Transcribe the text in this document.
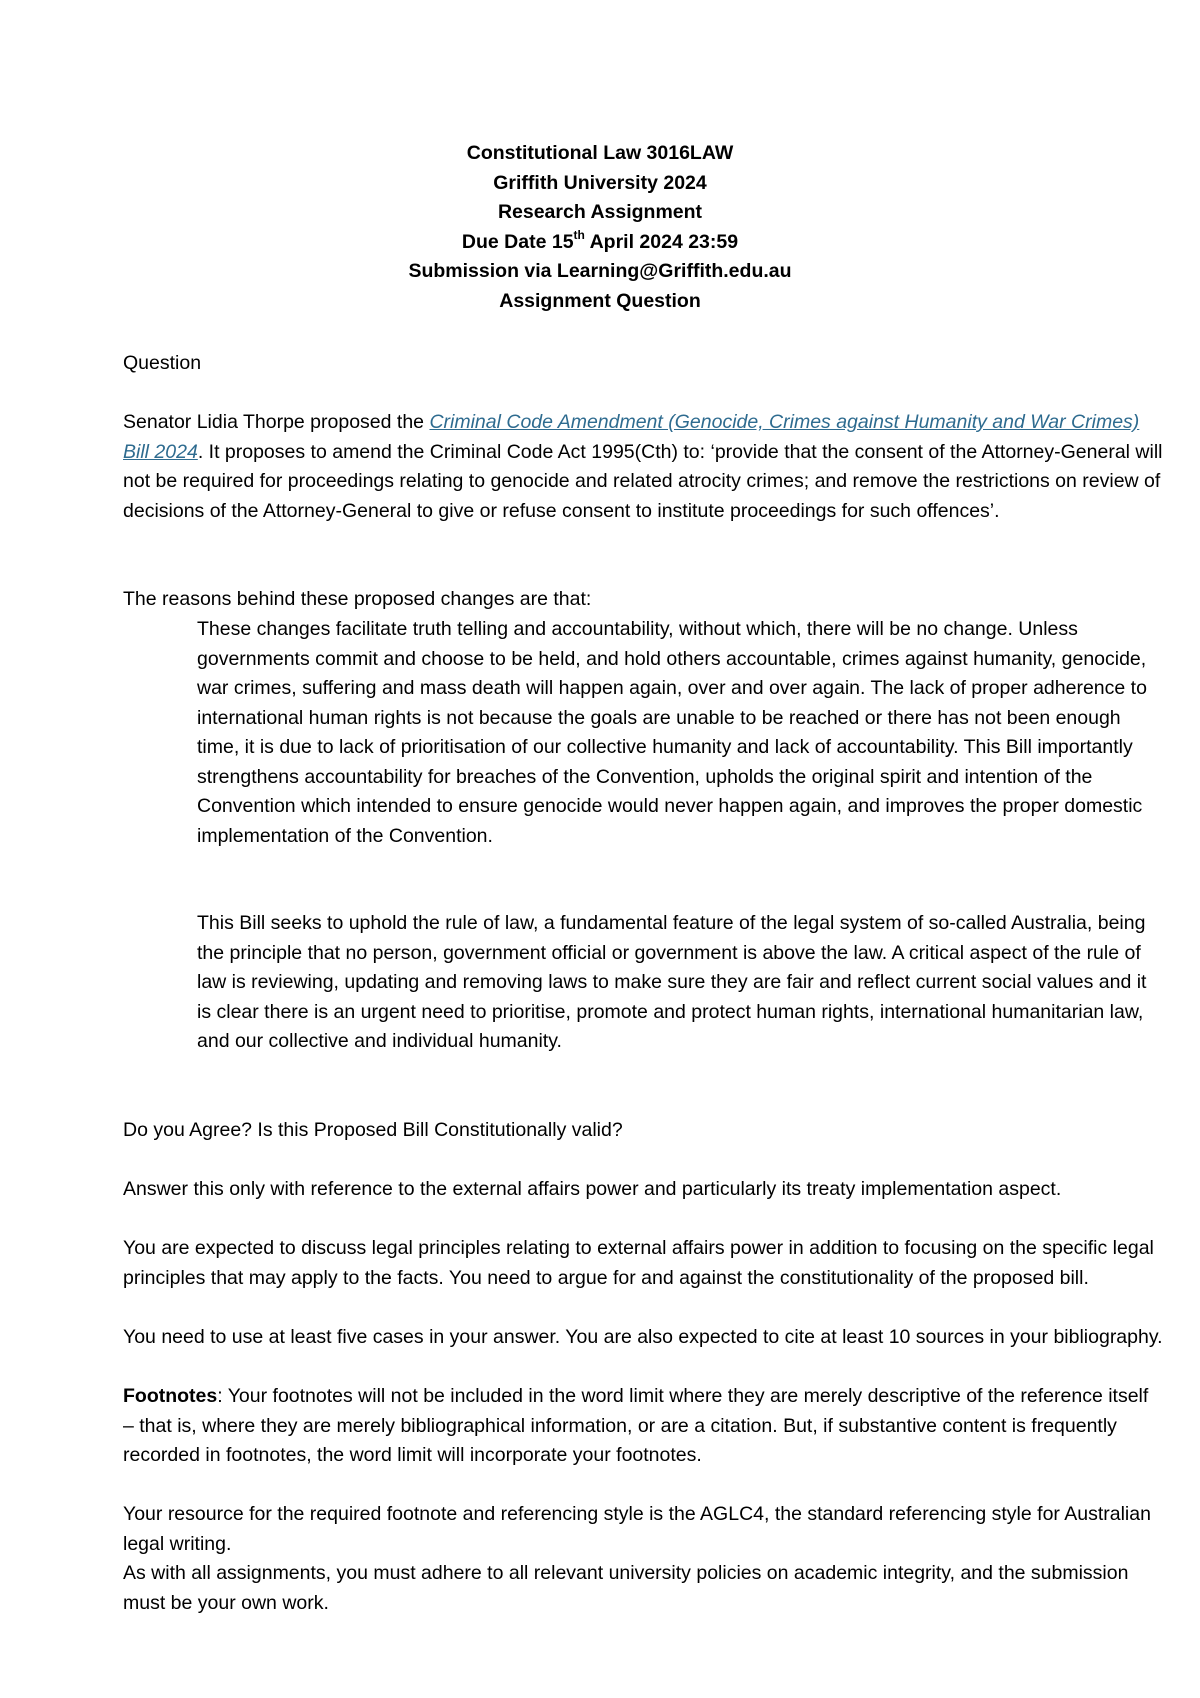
Constitutional Law 3016LAW
Griffith University 2024
Research Assignment
Due Date 15th April 2024 23:59
Submission via Learning@Griffith.edu.au
Assignment Question
Question

Senator Lidia Thorpe proposed the Criminal Code Amendment (Genocide, Crimes against Humanity and War Crimes) Bill 2024. It proposes to amend the Criminal Code Act 1995(Cth) to: ‘provide that the consent of the Attorney-General will not be required for proceedings relating to genocide and related atrocity crimes; and remove the restrictions on review of decisions of the Attorney-General to give or refuse consent to institute proceedings for such offences’.

The reasons behind these proposed changes are that:

These changes facilitate truth telling and accountability, without which, there will be no change. Unless governments commit and choose to be held, and hold others accountable, crimes against humanity, genocide, war crimes, suffering and mass death will happen again, over and over again. The lack of proper adherence to international human rights is not because the goals are unable to be reached or there has not been enough time, it is due to lack of prioritisation of our collective humanity and lack of accountability. This Bill importantly strengthens accountability for breaches of the Convention, upholds the original spirit and intention of the Convention which intended to ensure genocide would never happen again, and improves the proper domestic implementation of the Convention.

This Bill seeks to uphold the rule of law, a fundamental feature of the legal system of so-called Australia, being the principle that no person, government official or government is above the law. A critical aspect of the rule of law is reviewing, updating and removing laws to make sure they are fair and reflect current social values and it is clear there is an urgent need to prioritise, promote and protect human rights, international humanitarian law, and our collective and individual humanity.

Do you Agree? Is this Proposed Bill Constitutionally valid?

Answer this only with reference to the external affairs power and particularly its treaty implementation aspect.

You are expected to discuss legal principles relating to external affairs power in addition to focusing on the specific legal principles that may apply to the facts. You need to argue for and against the constitutionality of the proposed bill.

You need to use at least five cases in your answer. You are also expected to cite at least 10 sources in your bibliography.

Footnotes: Your footnotes will not be included in the word limit where they are merely descriptive of the reference itself – that is, where they are merely bibliographical information, or are a citation. But, if substantive content is frequently recorded in footnotes, the word limit will incorporate your footnotes.

Your resource for the required footnote and referencing style is the AGLC4, the standard referencing style for Australian legal writing.

As with all assignments, you must adhere to all relevant university policies on academic integrity, and the submission must be your own work.
